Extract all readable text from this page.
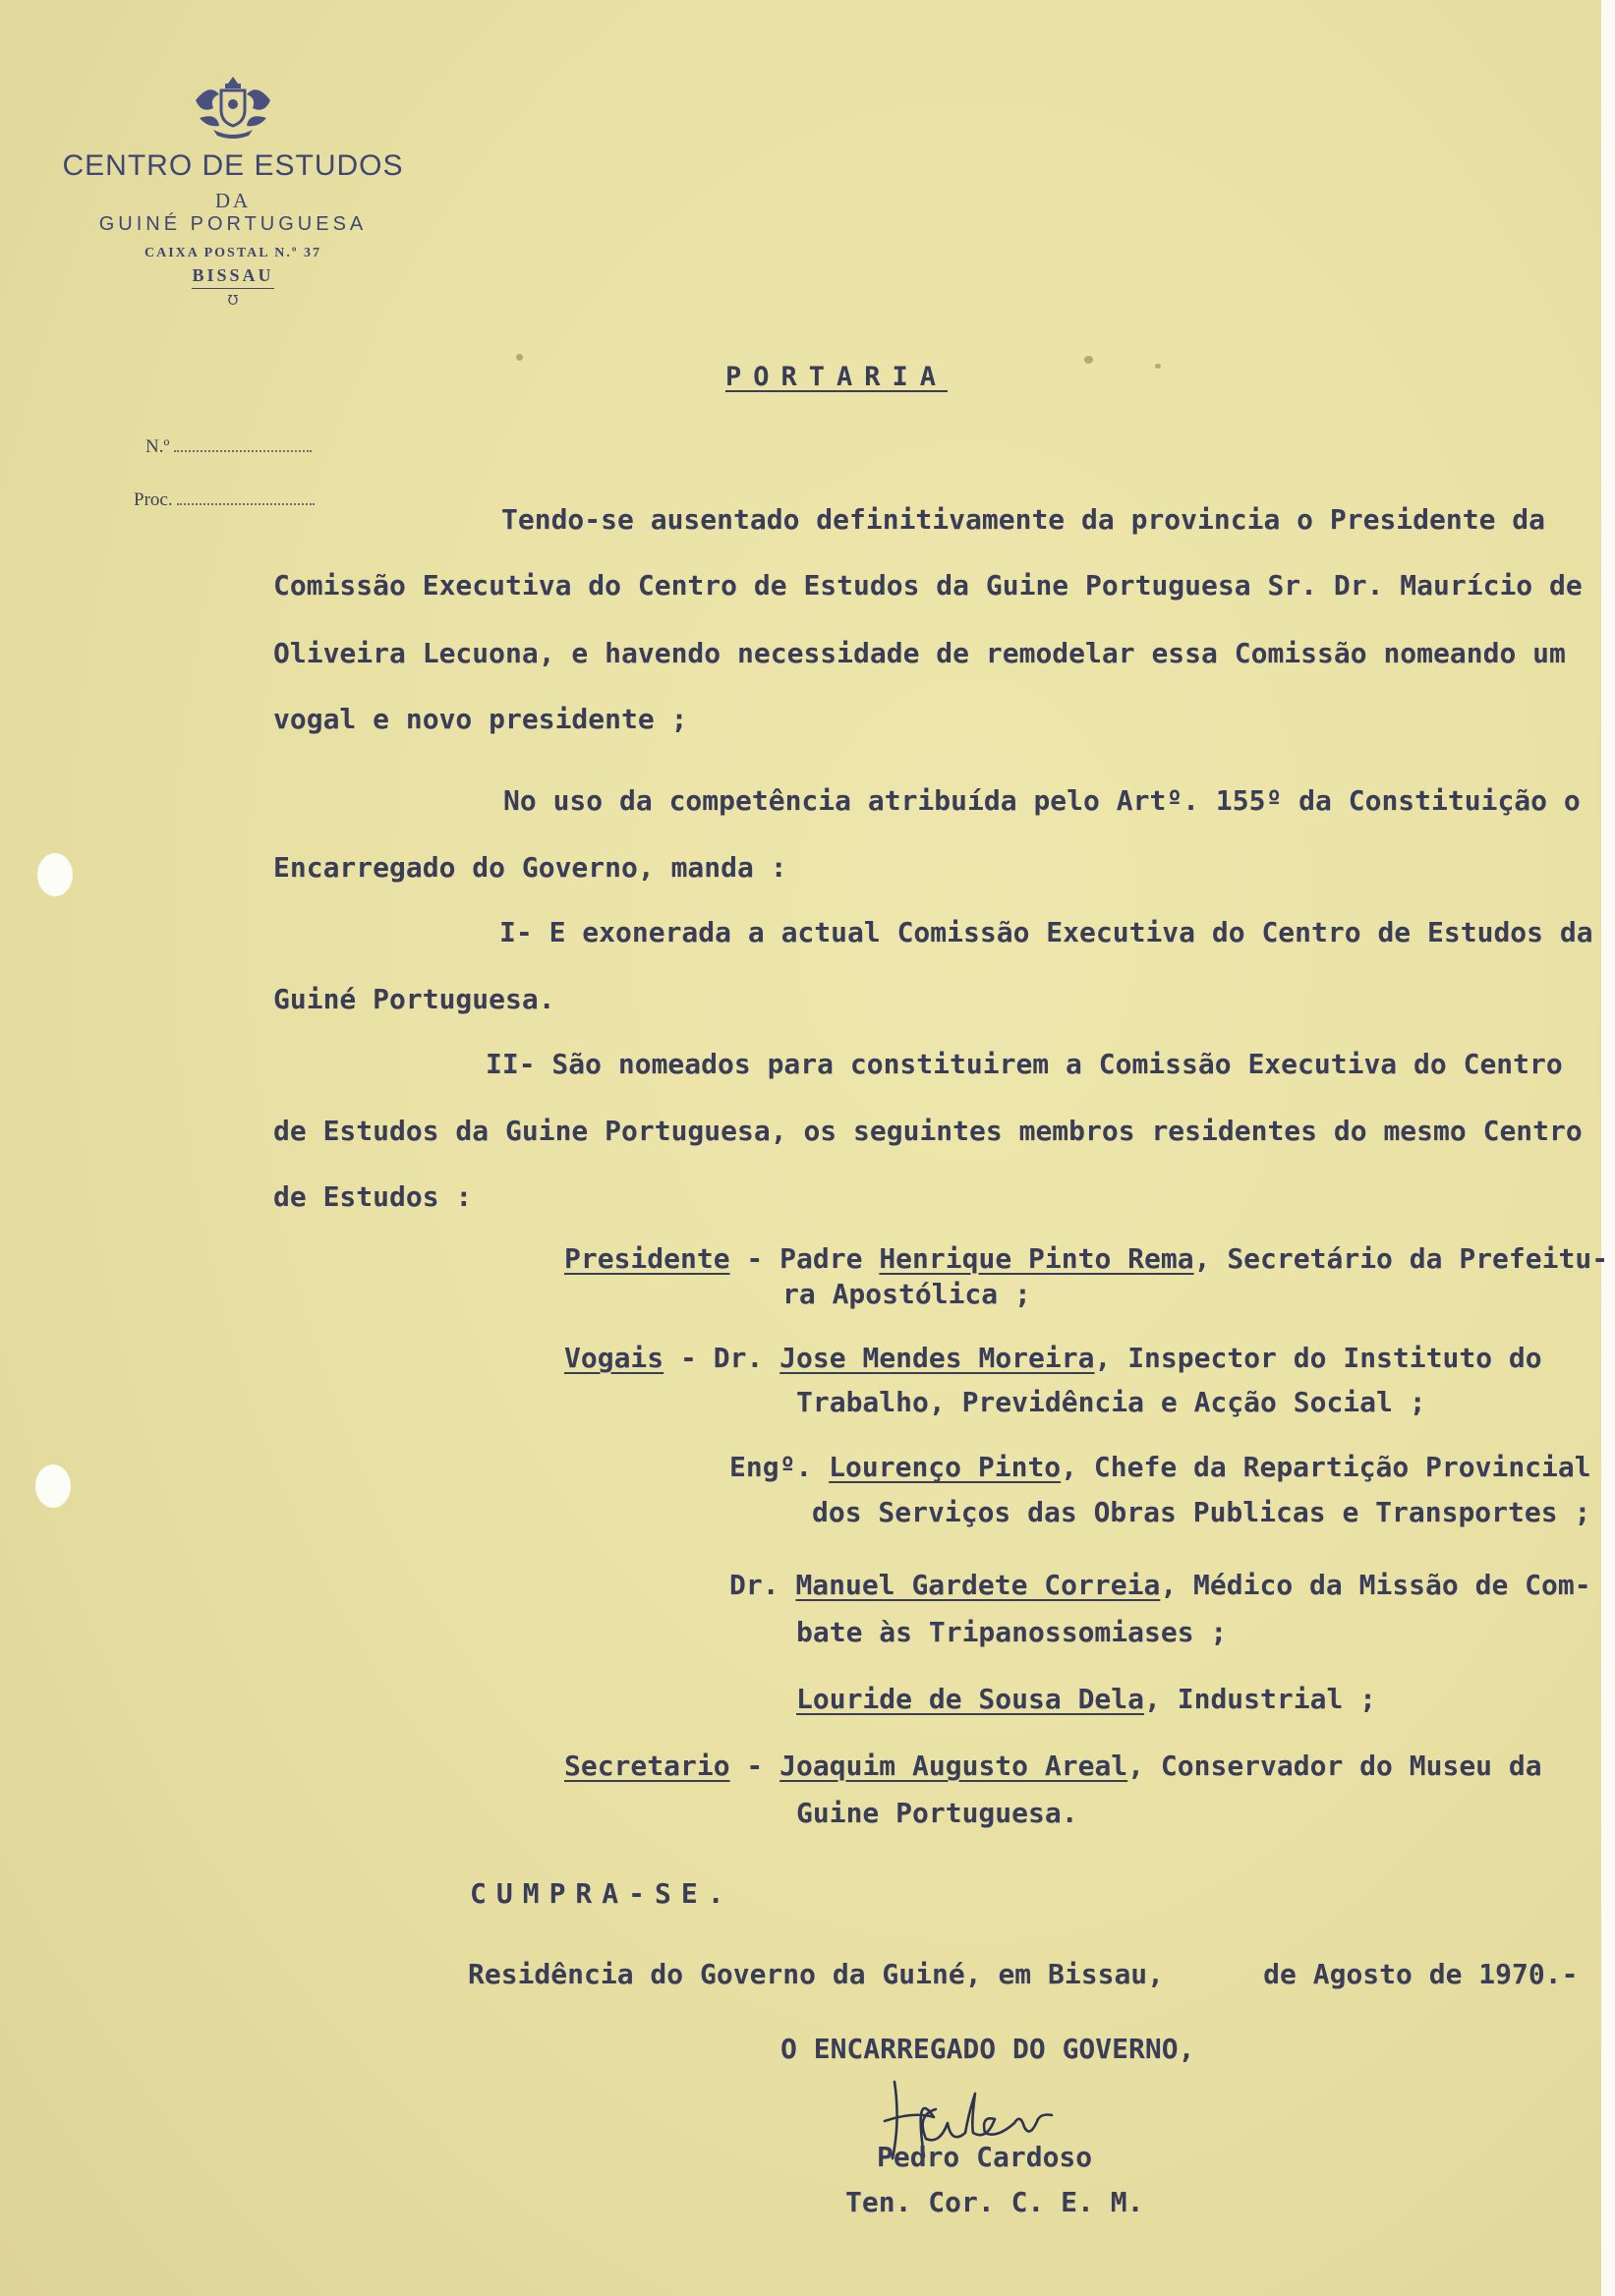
CENTRO DE ESTUDOS
DA
GUINÉ PORTUGUESA
CAIXA POSTAL N.º 37
BISSAU
℧
N.º
Proc.
PORTARIA
Tendo-se ausentado definitivamente da provincia o Presidente da
Comissão Executiva do Centro de Estudos da Guine Portuguesa Sr. Dr. Maurício de
Oliveira Lecuona, e havendo necessidade de remodelar essa Comissão nomeando um
vogal e novo presidente ;
No uso da competência atribuída pelo Artº. 155º da Constituição o
Encarregado do Governo, manda :
I- E exonerada a actual Comissão Executiva do Centro de Estudos da
Guiné Portuguesa.
II- São nomeados para constituirem a Comissão Executiva do Centro
de Estudos da Guine Portuguesa, os seguintes membros residentes do mesmo Centro
de Estudos :
Presidente - Padre Henrique Pinto Rema, Secretário da Prefeitu-
ra Apostólica ;
Vogais - Dr. Jose Mendes Moreira, Inspector do Instituto do
Trabalho, Previdência e Acção Social ;
Engº. Lourenço Pinto, Chefe da Repartição Provincial
dos Serviços das Obras Publicas e Transportes ;
Dr. Manuel Gardete Correia, Médico da Missão de Com-
bate às Tripanossomiases ;
Louride de Sousa Dela, Industrial ;
Secretario - Joaquim Augusto Areal, Conservador do Museu da
Guine Portuguesa.
CUMPRA-SE.
Residência do Governo da Guiné, em Bissau,      de Agosto de 1970.-
O ENCARREGADO DO GOVERNO,
Pedro Cardoso
Ten. Cor. C. E. M.
